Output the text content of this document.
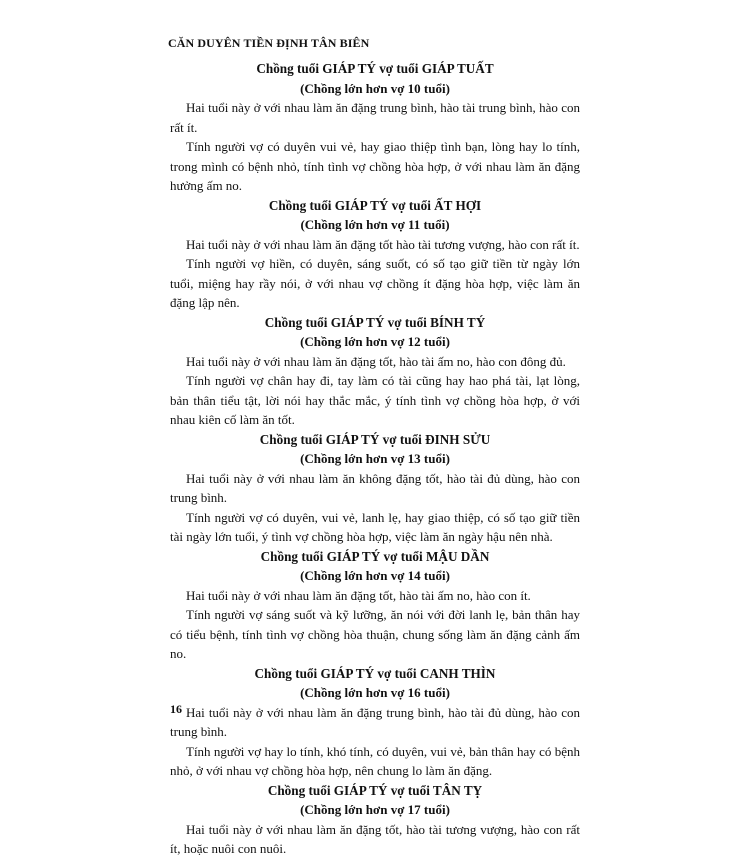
CĂN DUYÊN TIỀN ĐỊNH TÂN BIÊN
Chồng tuổi GIÁP TÝ vợ tuổi GIÁP TUẤT
(Chồng lớn hơn vợ 10 tuổi)

Hai tuổi này ở với nhau làm ăn đặng trung bình, hào tài trung bình, hào con rất ít.

Tính người vợ có duyên vui vẻ, hay giao thiệp tình bạn, lòng hay lo tính, trong mình có bệnh nhỏ, tính tình vợ chồng hòa hợp, ở với nhau làm ăn đặng hưởng ấm no.

Chồng tuổi GIÁP TÝ vợ tuổi ẤT HỢI
(Chồng lớn hơn vợ 11 tuổi)

Hai tuổi này ở với nhau làm ăn đặng tốt hào tài tương vượng, hào con rất ít.

Tính người vợ hiền, có duyên, sáng suốt, có số tạo giữ tiền từ ngày lớn tuổi, miệng hay rầy nói, ở với nhau vợ chồng ít đặng hòa hợp, việc làm ăn đặng lập nên.

Chồng tuổi GIÁP TÝ vợ tuổi BÍNH TÝ
(Chồng lớn hơn vợ 12 tuổi)

Hai tuổi này ở với nhau làm ăn đặng tốt, hào tài ấm no, hào con đông đủ.

Tính người vợ chân hay đi, tay làm có tài cũng hay hao phá tài, lạt lòng, bản thân tiểu tật, lời nói hay thắc mắc, ý tính tình vợ chồng hòa hợp, ở với nhau kiên cố làm ăn tốt.

Chồng tuổi GIÁP TÝ vợ tuổi ĐINH SỬU
(Chồng lớn hơn vợ 13 tuổi)

Hai tuổi này ở với nhau làm ăn không đặng tốt, hào tài đủ dùng, hào con trung bình.

Tính người vợ có duyên, vui vẻ, lanh lẹ, hay giao thiệp, có số tạo giữ tiền tài ngày lớn tuổi, ý tình vợ chồng hòa hợp, việc làm ăn ngày hậu nên nhà.

Chồng tuổi GIÁP TÝ vợ tuổi MẬU DẦN
(Chồng lớn hơn vợ 14 tuổi)

Hai tuổi này ở với nhau làm ăn đặng tốt, hào tài ấm no, hào con ít.

Tính người vợ sáng suốt và kỹ lưỡng, ăn nói với đời lanh lẹ, bản thân hay có tiểu bệnh, tính tình vợ chồng hòa thuận, chung sống làm ăn đặng cảnh ấm no.

Chồng tuổi GIÁP TÝ vợ tuổi CANH THÌN
(Chồng lớn hơn vợ 16 tuổi)

Hai tuổi này ở với nhau làm ăn đặng trung bình, hào tài đủ dùng, hào con trung bình.

Tính người vợ hay lo tính, khó tính, có duyên, vui vẻ, bản thân hay có bệnh nhỏ, ở với nhau vợ chồng hòa hợp, nên chung lo làm ăn đặng.

Chồng tuổi GIÁP TÝ vợ tuổi TÂN TỴ
(Chồng lớn hơn vợ 17 tuổi)

Hai tuổi này ở với nhau làm ăn đặng tốt, hào tài tương vượng, hào con rất ít, hoặc nuôi con nuôi.

16
